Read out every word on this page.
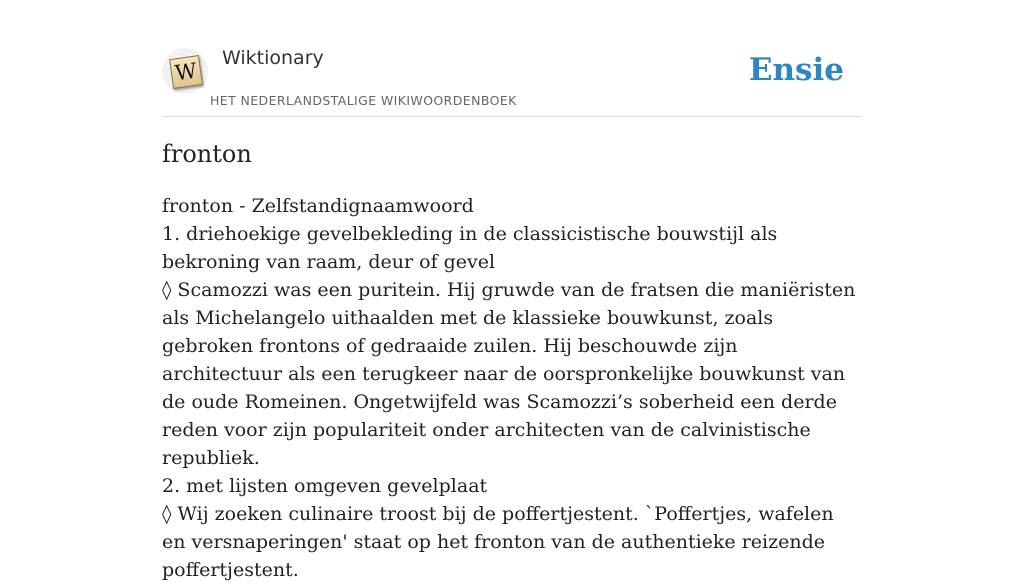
W
Wiktionary
HET NEDERLANDSTALIGE WIKIWOORDENBOEK
Ensie
fronton

fronton - Zelfstandignaamwoord

1. driehoekige gevelbekleding in de classicistische bouwstijl als bekroning van raam, deur of gevel

◊ Scamozzi was een puritein. Hij gruwde van de fratsen die maniëristen als Michelangelo uithaalden met de klassieke bouwkunst, zoals gebroken frontons of gedraaide zuilen. Hij beschouwde zijn architectuur als een terugkeer naar de oorspronkelijke bouwkunst van de oude Romeinen. Ongetwijfeld was Scamozzi’s soberheid een derde reden voor zijn populariteit onder architecten van de calvinistische republiek.

2. met lijsten omgeven gevelplaat

◊ Wij zoeken culinaire troost bij de poffertjestent. `Poffertjes, wafelen en versnaperingen' staat op het fronton van de authentieke reizende poffertjestent.
